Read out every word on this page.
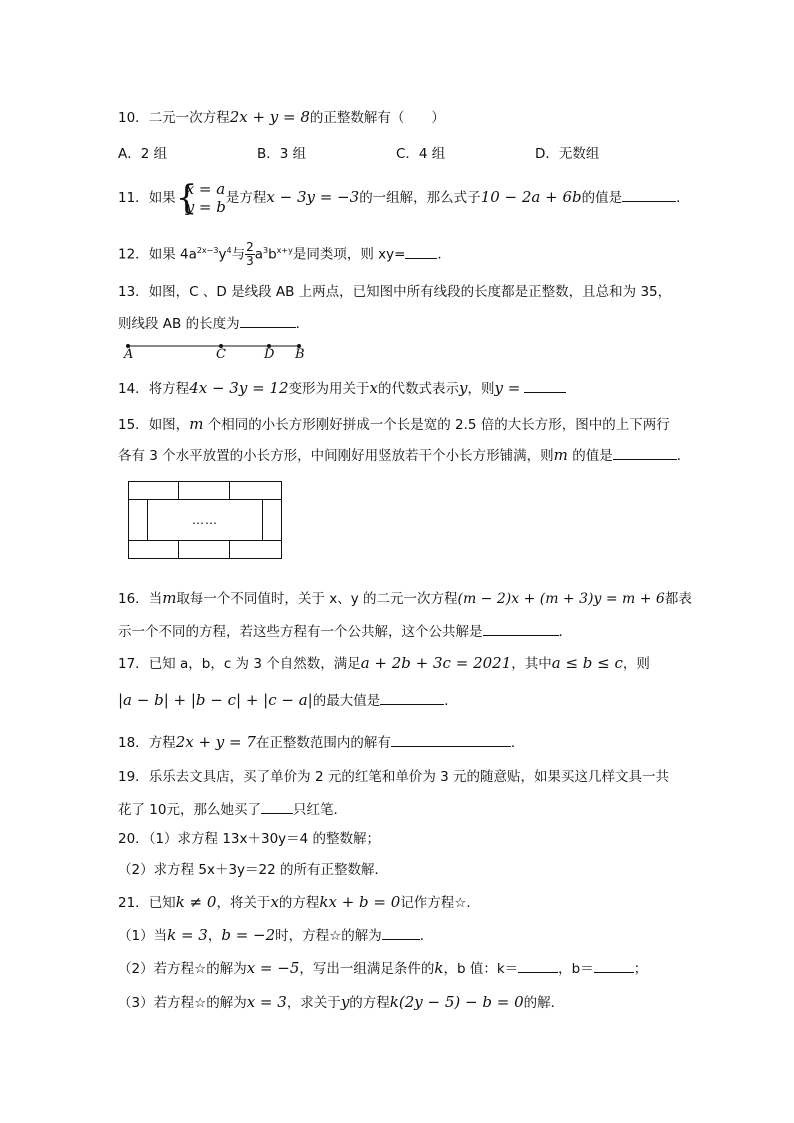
10．二元一次方程2x + y = 8的正整数解有（　　）
A．2 组	B．3 组	C．4 组	D．无数组
11．如果 {
x = a
y = b 是方程x − 3y = −3的一组解，那么式子10 − 2a + 6b的值是	．
12．如果 $4a^{2x-3}y^4$与 $\frac{2}{3} a^3b^{x+y}$是同类项，则 xy= ．
13．如图，C 、D 是线段 AB 上两点，已知图中所有线段的长度都是正整数，且总和为 35，
则线段 AB 的长度为	．
A	C	D B
14．将方程4x − 3y = 12变形为用关于x的代数式表示y，则y =
15．如图，m 个相同的小长方形刚好拼成一个长是宽的 2.5 倍的大长方形，图中的上下两行
各有 3 个水平放置的小长方形，中间刚好用竖放若干个小长方形铺满，则m 的值是	．
……
16．当m取每一个不同值时，关于 x、y 的二元一次方程(m − 2)x + (m + 3)y = m + 6都表
示一个不同的方程，若这些方程有一个公共解，这个公共解是	．
17．已知 a，b，c 为 3 个自然数，满足a + 2b + 3c = 2021，其中a ≤ b ≤ c，则
|a − b| + |b − c| + |c − a|的最大值是	．
18．方程2x + y = 7在正整数范围内的解有	．
19．乐乐去文具店，买了单价为 2 元的红笔和单价为 3 元的随意贴，如果买这几样文具一共
花了 10元，那么她买了 只红笔．
20．（1）求方程 13x＋30y＝4 的整数解；
（2）求方程 5x＋3y＝22 的所有正整数解．
21．已知k ≠ 0，将关于x的方程kx + b = 0记作方程☆．
（1）当k = 3，b = −2时，方程☆的解为	．
（2）若方程☆的解为x = −5，写出一组满足条件的k，b 值：k＝	，b＝	；
（3）若方程☆的解为x = 3，求关于y的方程k(2y − 5) − b = 0的解．
